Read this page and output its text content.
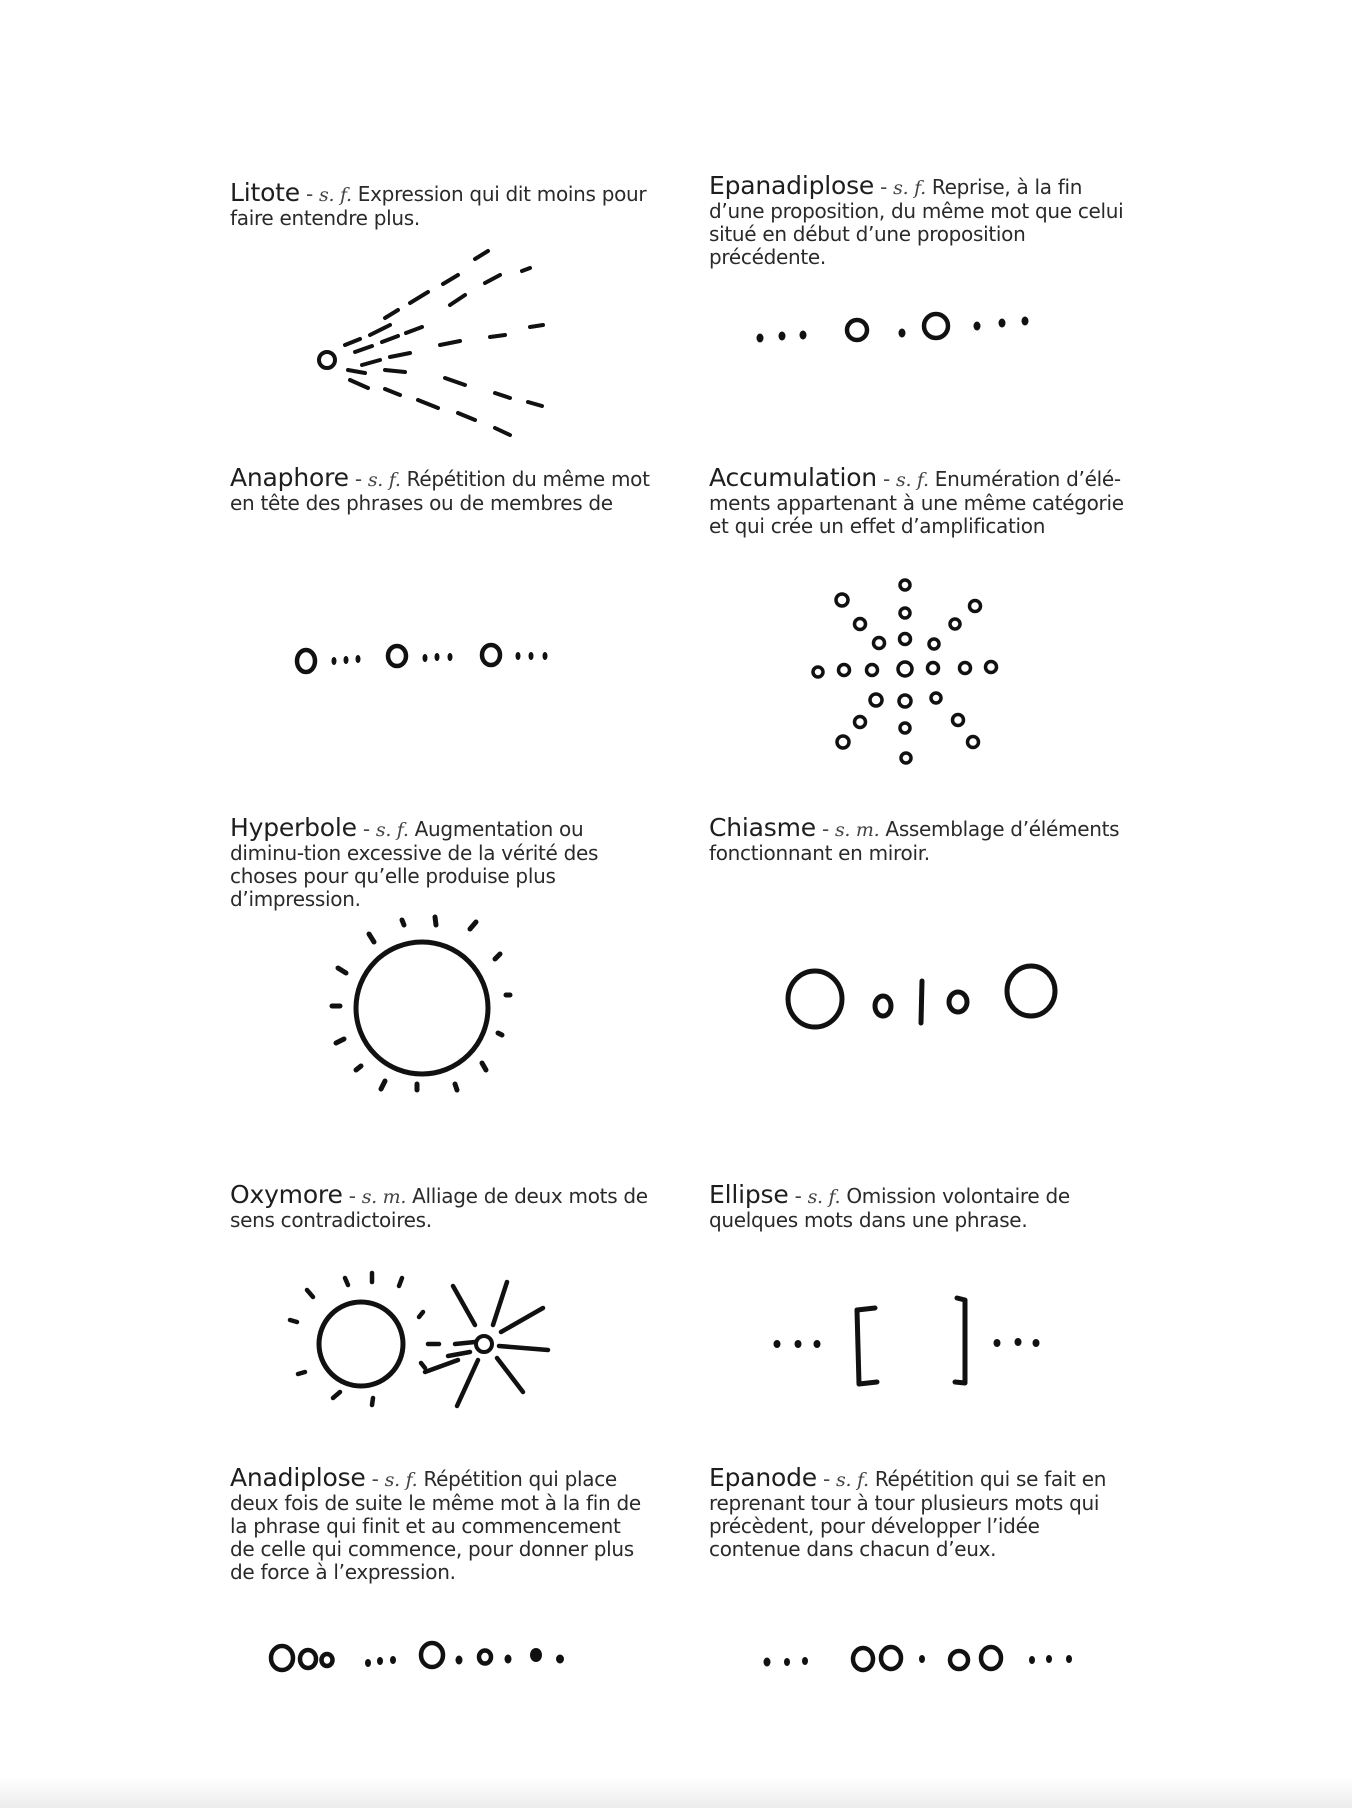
Litote - s. f. Expression qui dit moins pour faire entendre plus.
Epanadiplose - s. f. Reprise, à la fin d’une proposition, du même mot que celui situé en début d’une proposition précédente.
Anaphore - s. f. Répétition du même mot en tête des phrases ou de membres de
Accumulation - s. f. Enumération d’élé-ments appartenant à une même catégorie et qui crée un effet d’amplification
Hyperbole - s. f. Augmentation ou diminu-tion excessive de la vérité des choses pour qu’elle produise plus d’impression.
Chiasme - s. m. Assemblage d’éléments fonctionnant en miroir.
Oxymore - s. m. Alliage de deux mots de sens contradictoires.
Ellipse - s. f. Omission volontaire de quelques mots dans une phrase.
Anadiplose - s. f. Répétition qui place deux fois de suite le même mot à la fin de la phrase qui finit et au commencement de celle qui commence, pour donner plus de force à l’expression.
Epanode - s. f. Répétition qui se fait en reprenant tour à tour plusieurs mots qui précèdent, pour développer l’idée contenue dans chacun d’eux.
